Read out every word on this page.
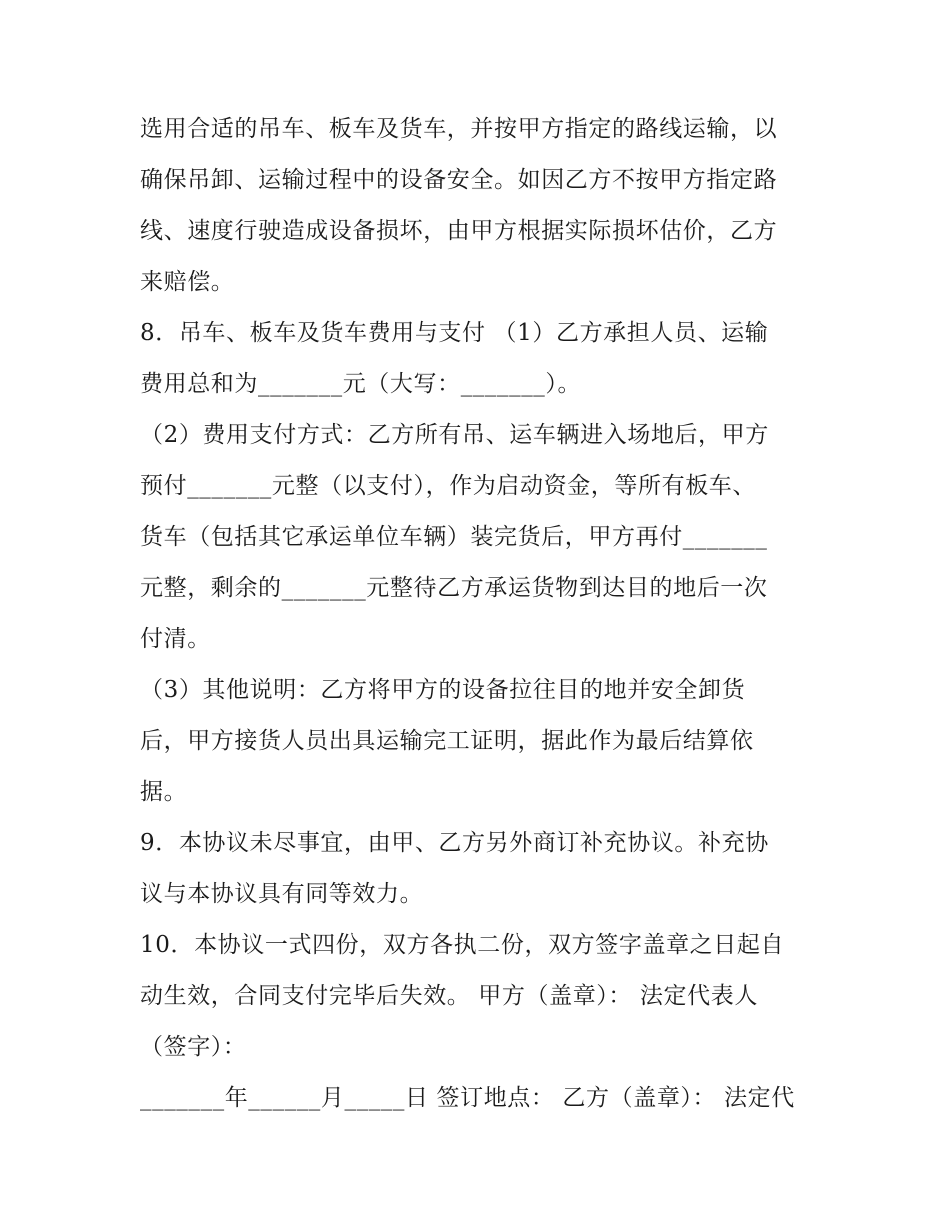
选用合适的吊车、板车及货车，并按甲方指定的路线运输，以
确保吊卸、运输过程中的设备安全。如因乙方不按甲方指定路
线、速度行驶造成设备损坏，由甲方根据实际损坏估价，乙方
来赔偿。
8．吊车、板车及货车费用与支付 （1）乙方承担人员、运输
费用总和为_______元（大写：_______）。
（2）费用支付方式：乙方所有吊、运车辆进入场地后，甲方
预付_______元整（以支付），作为启动资金，等所有板车、
货车（包括其它承运单位车辆）装完货后，甲方再付_______
元整，剩余的_______元整待乙方承运货物到达目的地后一次
付清。
（3）其他说明：乙方将甲方的设备拉往目的地并安全卸货
后，甲方接货人员出具运输完工证明，据此作为最后结算依
据。
9．本协议未尽事宜，由甲、乙方另外商订补充协议。补充协
议与本协议具有同等效力。
10．本协议一式四份，双方各执二份，双方签字盖章之日起自
动生效，合同支付完毕后失效。 甲方（盖章）： 法定代表人
（签字）：
_______年______月_____日 签订地点： 乙方（盖章）： 法定代
